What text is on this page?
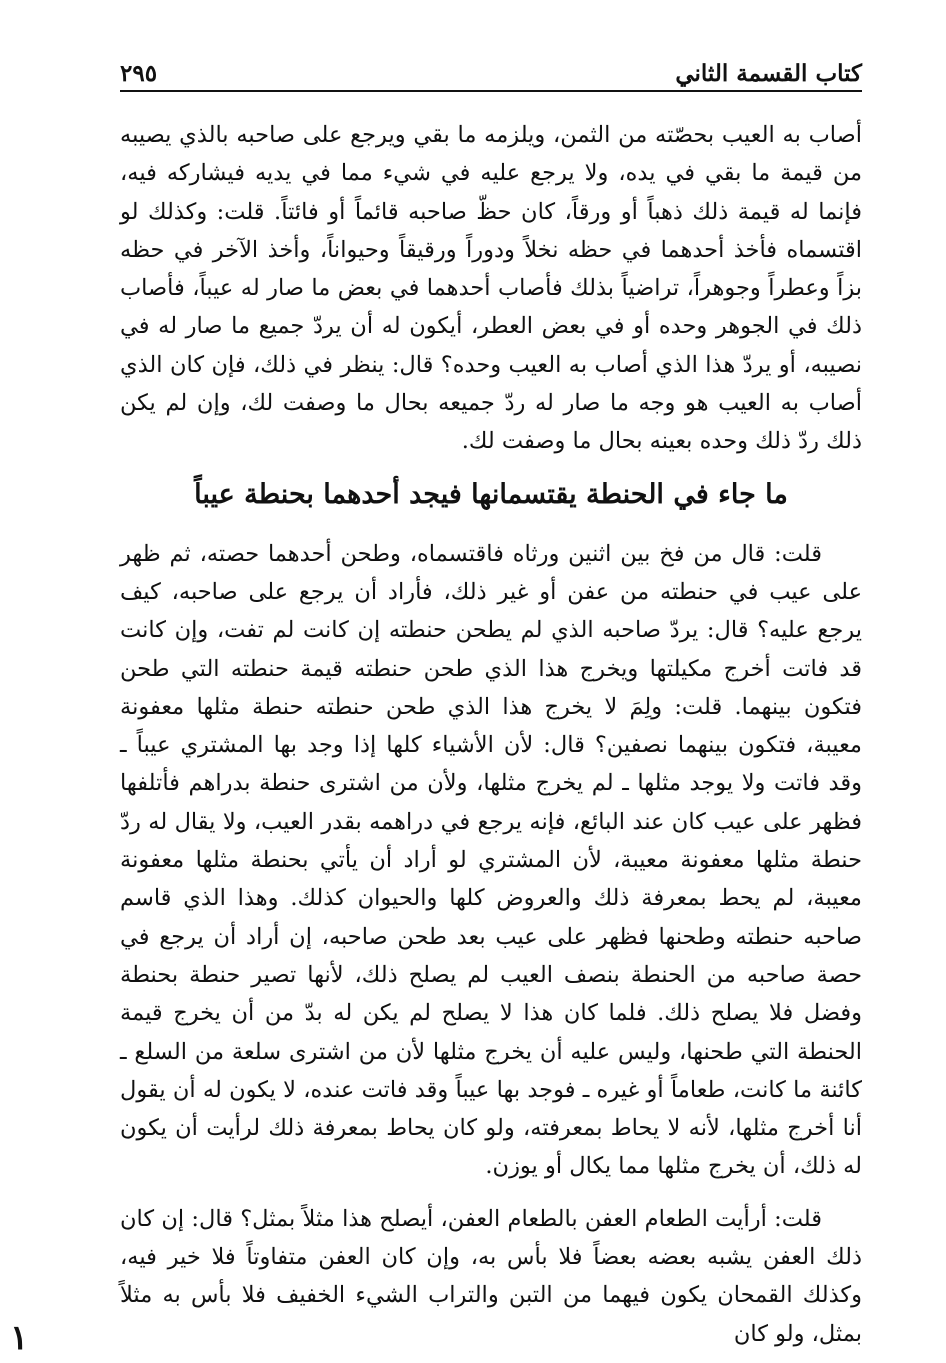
كتاب القسمة الثاني
٢٩٥

أصاب به العيب بحصّته من الثمن، ويلزمه ما بقي ويرجع على صاحبه بالذي يصيبه من قيمة ما بقي في يده، ولا يرجع عليه في شيء مما في يديه فيشاركه فيه، فإنما له قيمة ذلك ذهباً أو ورقاً، كان حظّ صاحبه قائماً أو فائتاً. قلت: وكذلك لو اقتسماه فأخذ أحدهما في حظه نخلاً ودوراً ورقيقاً وحيواناً، وأخذ الآخر في حظه بزاً وعطراً وجوهراً، تراضياً بذلك فأصاب أحدهما في بعض ما صار له عيباً، فأصاب ذلك في الجوهر وحده أو في بعض العطر، أيكون له أن يردّ جميع ما صار له في نصيبه، أو يردّ هذا الذي أصاب به العيب وحده؟ قال: ينظر في ذلك، فإن كان الذي أصاب به العيب هو وجه ما صار له ردّ جميعه بحال ما وصفت لك، وإن لم يكن ذلك ردّ ذلك وحده بعينه بحال ما وصفت لك.

ما جاء في الحنطة يقتسمانها فيجد أحدهما بحنطة عيباً

قلت: قال من فخ بين اثنين ورثاه فاقتسماه، وطحن أحدهما حصته، ثم ظهر على عيب في حنطته من عفن أو غير ذلك، فأراد أن يرجع على صاحبه، كيف يرجع عليه؟ قال: يردّ صاحبه الذي لم يطحن حنطته إن كانت لم تفت، وإن كانت قد فاتت أخرج مكيلتها ويخرج هذا الذي طحن حنطته قيمة حنطته التي طحن فتكون بينهما. قلت: ولِمَ لا يخرج هذا الذي طحن حنطته حنطة مثلها معفونة معيبة، فتكون بينهما نصفين؟ قال: لأن الأشياء كلها إذا وجد بها المشتري عيباً ـ وقد فاتت ولا يوجد مثلها ـ لم يخرج مثلها، ولأن من اشترى حنطة بدراهم فأتلفها فظهر على عيب كان عند البائع، فإنه يرجع في دراهمه بقدر العيب، ولا يقال له ردّ حنطة مثلها معفونة معيبة، لأن المشتري لو أراد أن يأتي بحنطة مثلها معفونة معيبة، لم يحط بمعرفة ذلك والعروض كلها والحيوان كذلك. وهذا الذي قاسم صاحبه حنطته وطحنها فظهر على عيب بعد طحن صاحبه، إن أراد أن يرجع في حصة صاحبه من الحنطة بنصف العيب لم يصلح ذلك، لأنها تصير حنطة بحنطة وفضل فلا يصلح ذلك. فلما كان هذا لا يصلح لم يكن له بدّ من أن يخرج قيمة الحنطة التي طحنها، وليس عليه أن يخرج مثلها لأن من اشترى سلعة من السلع ـ كائنة ما كانت، طعاماً أو غيره ـ فوجد بها عيباً وقد فاتت عنده، لا يكون له أن يقول أنا أخرج مثلها، لأنه لا يحاط بمعرفته، ولو كان يحاط بمعرفة ذلك لرأيت أن يكون له ذلك، أن يخرج مثلها مما يكال أو يوزن.

قلت: أرأيت الطعام العفن بالطعام العفن، أيصلح هذا مثلاً بمثل؟ قال: إن كان ذلك العفن يشبه بعضه بعضاً فلا بأس به، وإن كان العفن متفاوتاً فلا خير فيه، وكذلك القمحان يكون فيهما من التبن والتراب الشيء الخفيف فلا بأس به مثلاً بمثل، ولو كان

١
